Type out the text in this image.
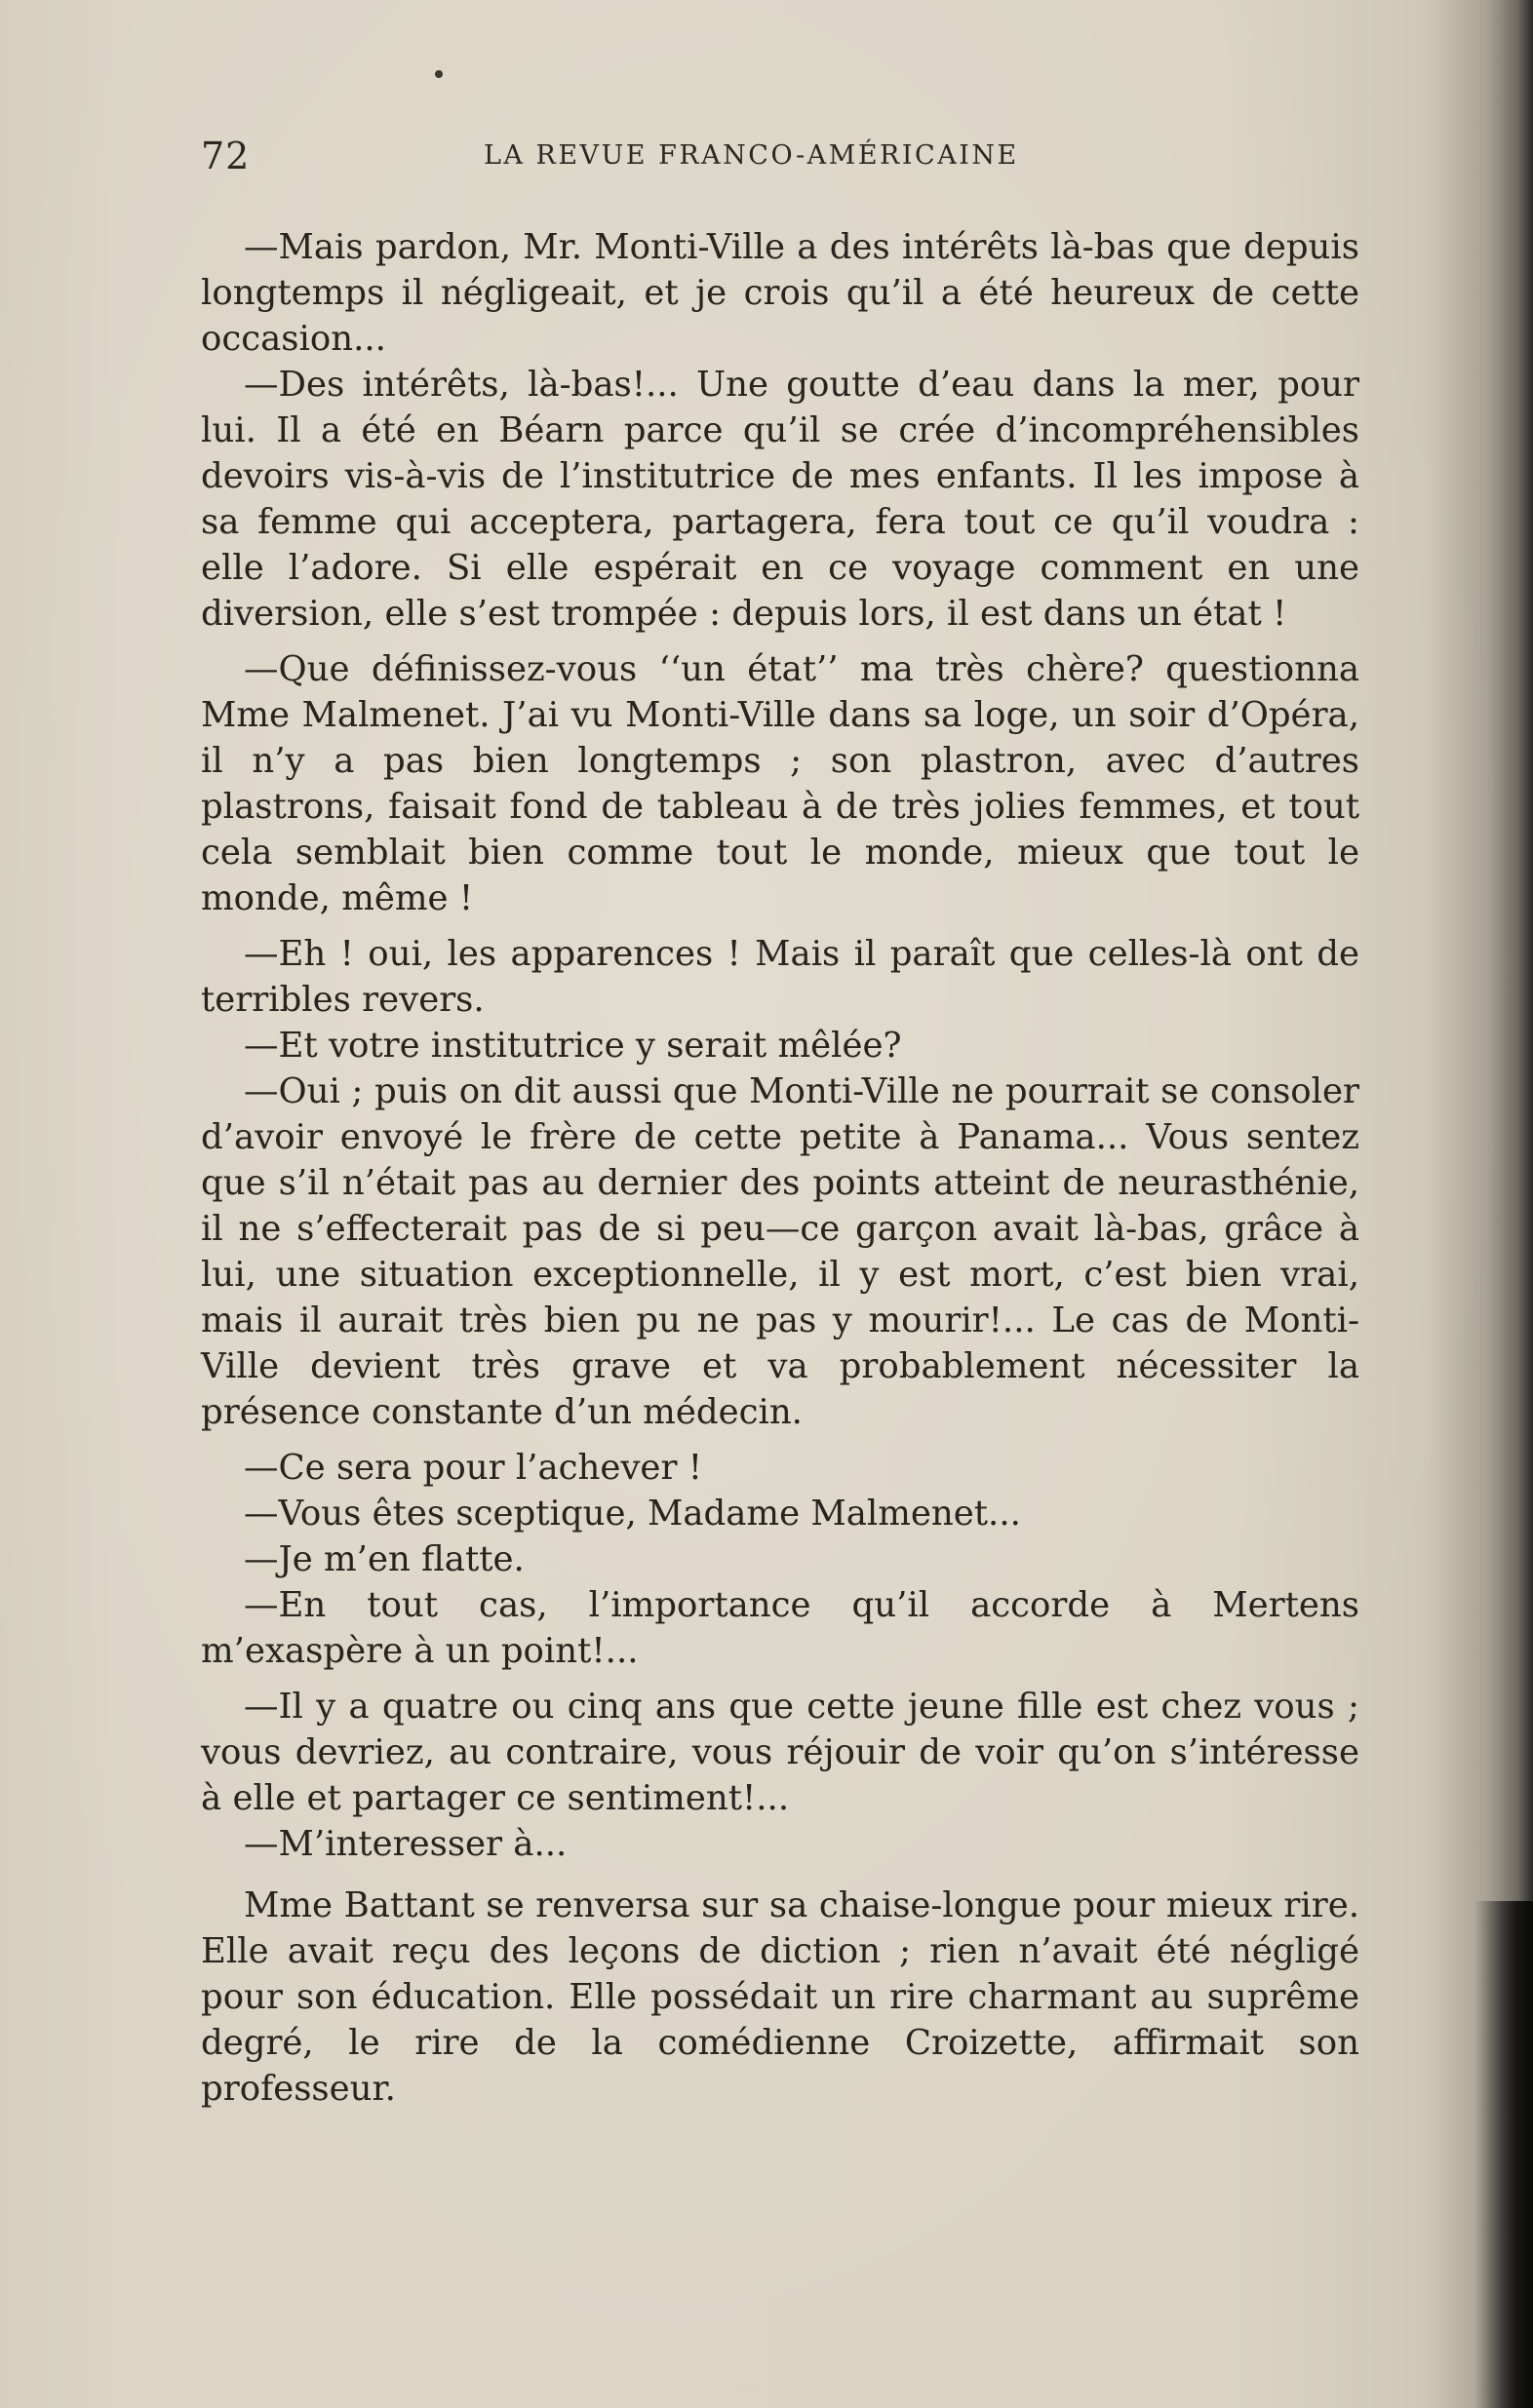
72	LA REVUE FRANCO-AMÉRICAINE

—Mais pardon, Mr. Monti-Ville a des intérêts là-bas que depuis longtemps il négligeait, et je crois qu’il a été heureux de cette occasion...

—Des intérêts, là-bas!... Une goutte d’eau dans la mer, pour lui. Il a été en Béarn parce qu’il se crée d’incompréhensibles devoirs vis-à-vis de l’institutrice de mes enfants. Il les impose à sa femme qui acceptera, partagera, fera tout ce qu’il voudra : elle l’adore. Si elle espérait en ce voyage comment en une diversion, elle s’est trompée : depuis lors, il est dans un état !

—Que définissez-vous ‘‘un état’’ ma très chère? questionna Mme Malmenet. J’ai vu Monti-Ville dans sa loge, un soir d’Opéra, il n’y a pas bien longtemps ; son plastron, avec d’autres plastrons, faisait fond de tableau à de très jolies femmes, et tout cela semblait bien comme tout le monde, mieux que tout le monde, même !

—Eh ! oui, les apparences ! Mais il paraît que celles-là ont de terribles revers.

—Et votre institutrice y serait mêlée?

—Oui ; puis on dit aussi que Monti-Ville ne pourrait se consoler d’avoir envoyé le frère de cette petite à Panama... Vous sentez que s’il n’était pas au dernier des points atteint de neurasthénie, il ne s’effecterait pas de si peu—ce garçon avait là-bas, grâce à lui, une situation exceptionnelle, il y est mort, c’est bien vrai, mais il aurait très bien pu ne pas y mourir!... Le cas de Monti-Ville devient très grave et va probablement nécessiter la présence constante d’un médecin.

—Ce sera pour l’achever !

—Vous êtes sceptique, Madame Malmenet...

—Je m’en flatte.

—En tout cas, l’importance qu’il accorde à Mertens m’exaspère à un point!...

—Il y a quatre ou cinq ans que cette jeune fille est chez vous ; vous devriez, au contraire, vous réjouir de voir qu’on s’intéresse à elle et partager ce sentiment!...

—M’interesser à...

Mme Battant se renversa sur sa chaise-longue pour mieux rire. Elle avait reçu des leçons de diction ; rien n’avait été négligé pour son éducation. Elle possédait un rire charmant au suprême degré, le rire de la comédienne Croizette, affirmait son professeur.
